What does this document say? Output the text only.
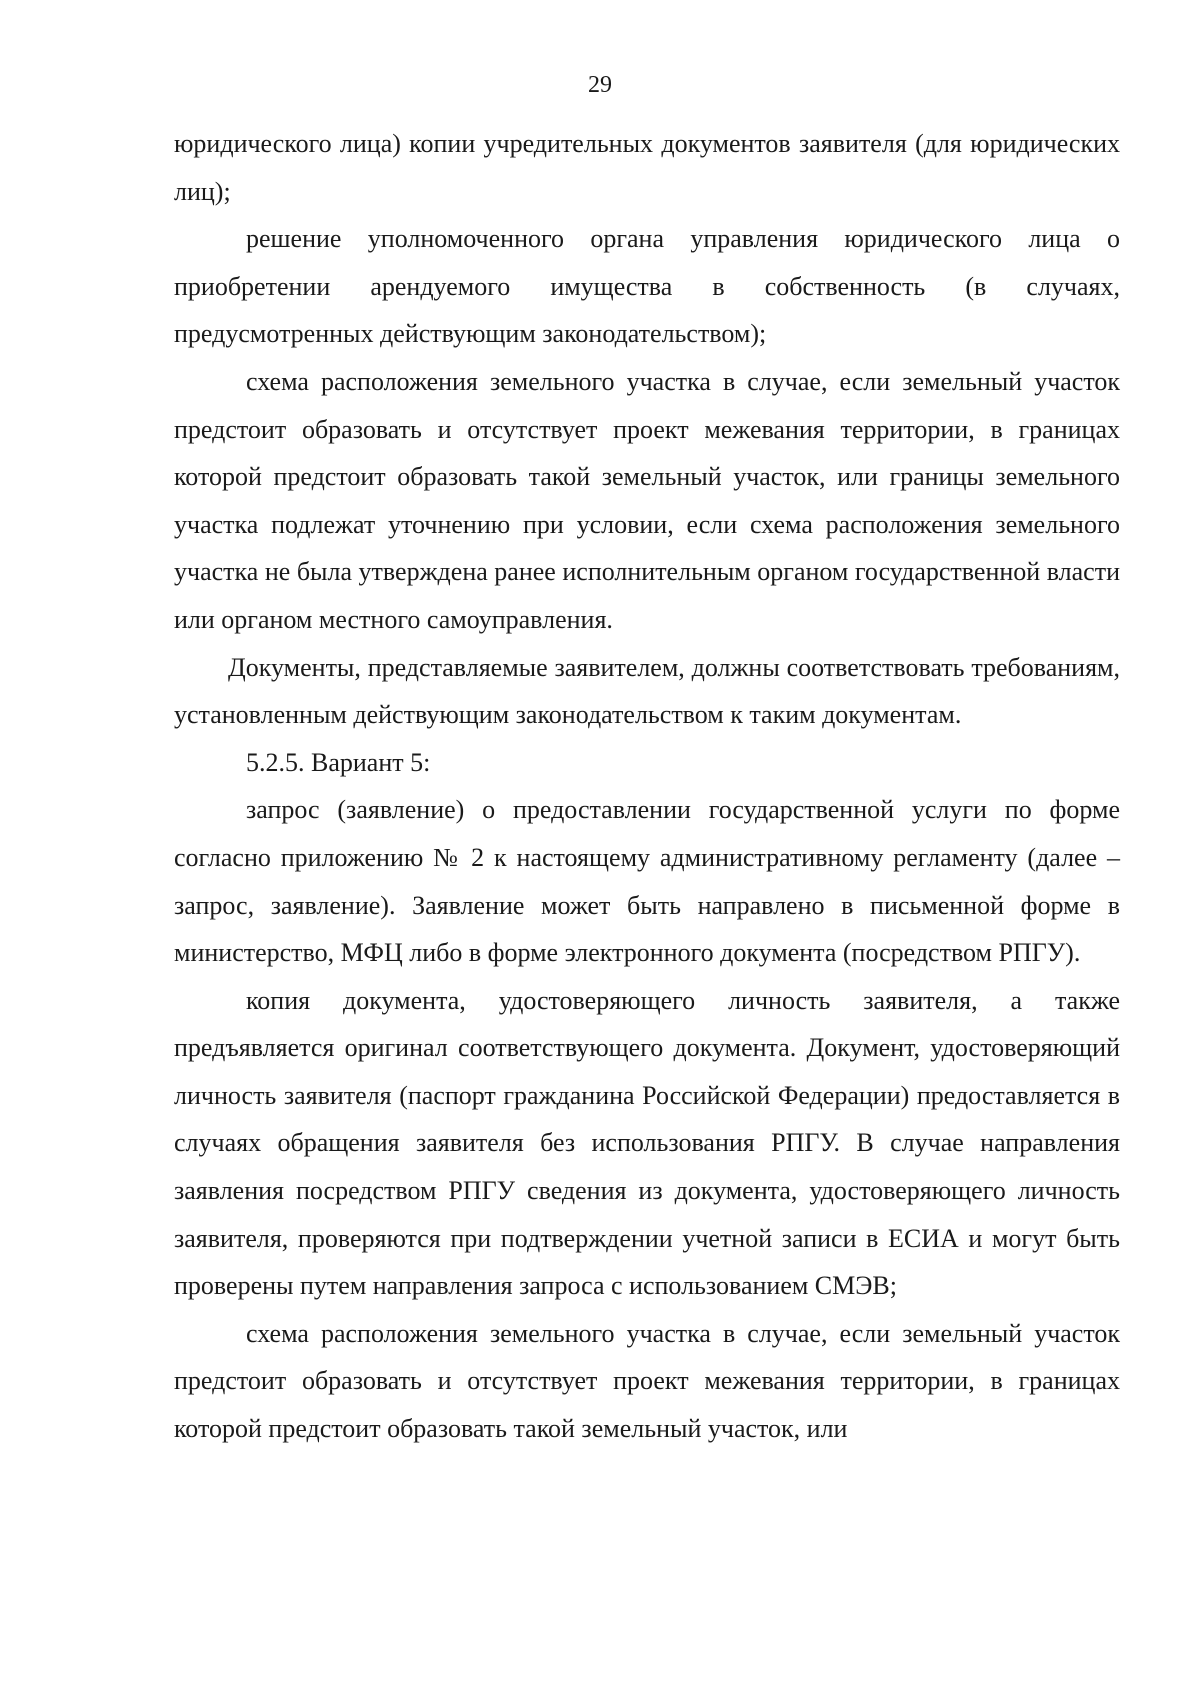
29

юридического лица) копии учредительных документов заявителя (для юридических лиц);

решение уполномоченного органа управления юридического лица о приобретении арендуемого имущества в собственность (в случаях, предусмотренных действующим законодательством);

схема расположения земельного участка в случае, если земельный участок предстоит образовать и отсутствует проект межевания территории, в границах которой предстоит образовать такой земельный участок, или границы земельного участка подлежат уточнению при условии, если схема расположения земельного участка не была утверждена ранее исполнительным органом государственной власти или органом местного самоуправления.

Документы, представляемые заявителем, должны соответствовать требованиям, установленным действующим законодательством к таким документам.

5.2.5. Вариант 5:

запрос (заявление) о предоставлении государственной услуги по форме согласно приложению № 2 к настоящему административному регламенту (далее – запрос, заявление). Заявление может быть направлено в письменной форме в министерство, МФЦ либо в форме электронного документа (посредством РПГУ).

копия документа, удостоверяющего личность заявителя, а также предъявляется оригинал соответствующего документа. Документ, удостоверяющий личность заявителя (паспорт гражданина Российской Федерации) предоставляется в случаях обращения заявителя без использования РПГУ. В случае направления заявления посредством РПГУ сведения из документа, удостоверяющего личность заявителя, проверяются при подтверждении учетной записи в ЕСИА и могут быть проверены путем направления запроса с использованием СМЭВ;

схема расположения земельного участка в случае, если земельный участок предстоит образовать и отсутствует проект межевания территории, в границах которой предстоит образовать такой земельный участок, или
